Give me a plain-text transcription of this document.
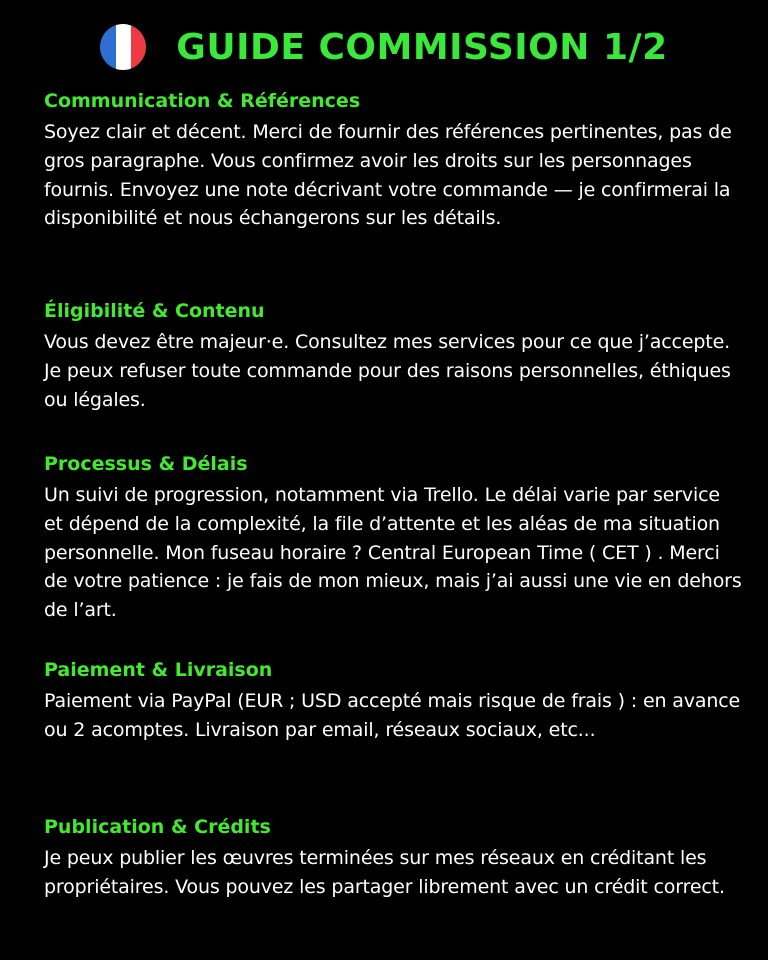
GUIDE COMMISSION 1/2
Communication & Références

Soyez clair et décent. Merci de fournir des références pertinentes, pas de gros paragraphe. Vous confirmez avoir les droits sur les personnages fournis. Envoyez une note décrivant votre commande — je confirmerai la disponibilité et nous échangerons sur les détails.

Éligibilité & Contenu

Vous devez être majeur·e. Consultez mes services pour ce que j’accepte. Je peux refuser toute commande pour des raisons personnelles, éthiques ou légales.

Processus & Délais

Un suivi de progression, notamment via Trello. Le délai varie par service et dépend de la complexité, la file d’attente et les aléas de ma situation personnelle. Mon fuseau horaire ? Central European Time ( CET ) . Merci de votre patience : je fais de mon mieux, mais j’ai aussi une vie en dehors de l’art.

Paiement & Livraison

Paiement via PayPal (EUR ; USD accepté mais risque de frais ) : en avance ou 2 acomptes. Livraison par email, réseaux sociaux, etc...

Publication & Crédits

Je peux publier les œuvres terminées sur mes réseaux en créditant les propriétaires. Vous pouvez les partager librement avec un crédit correct.
